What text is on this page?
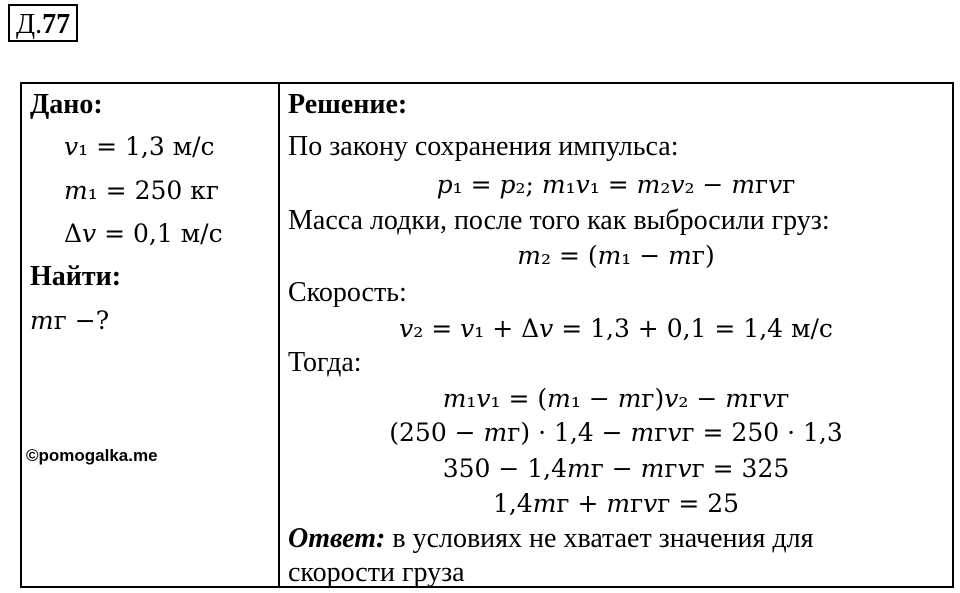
Д.77
Дано:
𝑣₁ = 1,3 м/с
𝑚₁ = 250 кг
Δ𝑣 = 0,1 м/с
Найти:
𝑚г −?
Решение:
По закону сохранения импульса:
𝑝₁ = 𝑝₂; 𝑚₁𝑣₁ = 𝑚₂𝑣₂ − 𝑚г𝑣г
Масса лодки, после того как выбросили груз:
𝑚₂ = (𝑚₁ − 𝑚г)
Скорость:
𝑣₂ = 𝑣₁ + Δ𝑣 = 1,3 + 0,1 = 1,4 м/с
Тогда:
𝑚₁𝑣₁ = (𝑚₁ − 𝑚г)𝑣₂ − 𝑚г𝑣г
(250 − 𝑚г) · 1,4 − 𝑚г𝑣г = 250 · 1,3
350 − 1,4𝑚г − 𝑚г𝑣г = 325
1,4𝑚г + 𝑚г𝑣г = 25
Ответ: в условиях не хватает значения для
скорости груза
©pomogalka.me
